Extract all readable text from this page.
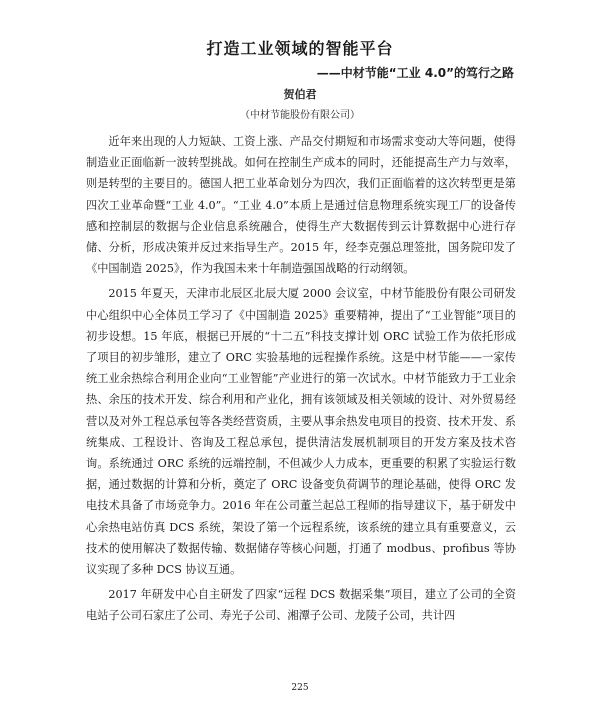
打造工业领域的智能平台
——中材节能“工业 4.0”的笃行之路
贺伯君
（中材节能股份有限公司）

近年来出现的人力短缺、工资上涨、产品交付期短和市场需求变动大等问题，使得制造业正面临新一波转型挑战。如何在控制生产成本的同时，还能提高生产力与效率，则是转型的主要目的。德国人把工业革命划分为四次，我们正面临着的这次转型更是第四次工业革命暨“工业 4.0”。“工业 4.0”本质上是通过信息物理系统实现工厂的设备传感和控制层的数据与企业信息系统融合，使得生产大数据传到云计算数据中心进行存储、分析，形成决策并反过来指导生产。2015 年，经李克强总理签批，国务院印发了《中国制造 2025》，作为我国未来十年制造强国战略的行动纲领。

2015 年夏天，天津市北辰区北辰大厦 2000 会议室，中材节能股份有限公司研发中心组织中心全体员工学习了《中国制造 2025》重要精神，提出了“工业智能”项目的初步设想。15 年底，根据已开展的“十二五”科技支撑计划 ORC 试验工作为依托形成了项目的初步雏形，建立了 ORC 实验基地的远程操作系统。这是中材节能——一家传统工业余热综合利用企业向“工业智能”产业进行的第一次试水。中材节能致力于工业余热、余压的技术开发、综合利用和产业化，拥有该领域及相关领域的设计、对外贸易经营以及对外工程总承包等各类经营资质，主要从事余热发电项目的投资、技术开发、系统集成、工程设计、咨询及工程总承包，提供清洁发展机制项目的开发方案及技术咨询。系统通过 ORC 系统的远端控制，不但减少人力成本，更重要的积累了实验运行数据，通过数据的计算和分析，奠定了 ORC 设备变负荷调节的理论基础，使得 ORC 发电技术具备了市场竞争力。2016 年在公司董兰起总工程师的指导建议下，基于研发中心余热电站仿真 DCS 系统，架设了第一个远程系统，该系统的建立具有重要意义，云技术的使用解决了数据传输、数据储存等核心问题，打通了 modbus、profibus 等协议实现了多种 DCS 协议互通。

2017 年研发中心自主研发了四家“远程 DCS 数据采集”项目，建立了公司的全资电站子公司石家庄了公司、寿光子公司、湘潭子公司、龙陵子公司，共计四

225
